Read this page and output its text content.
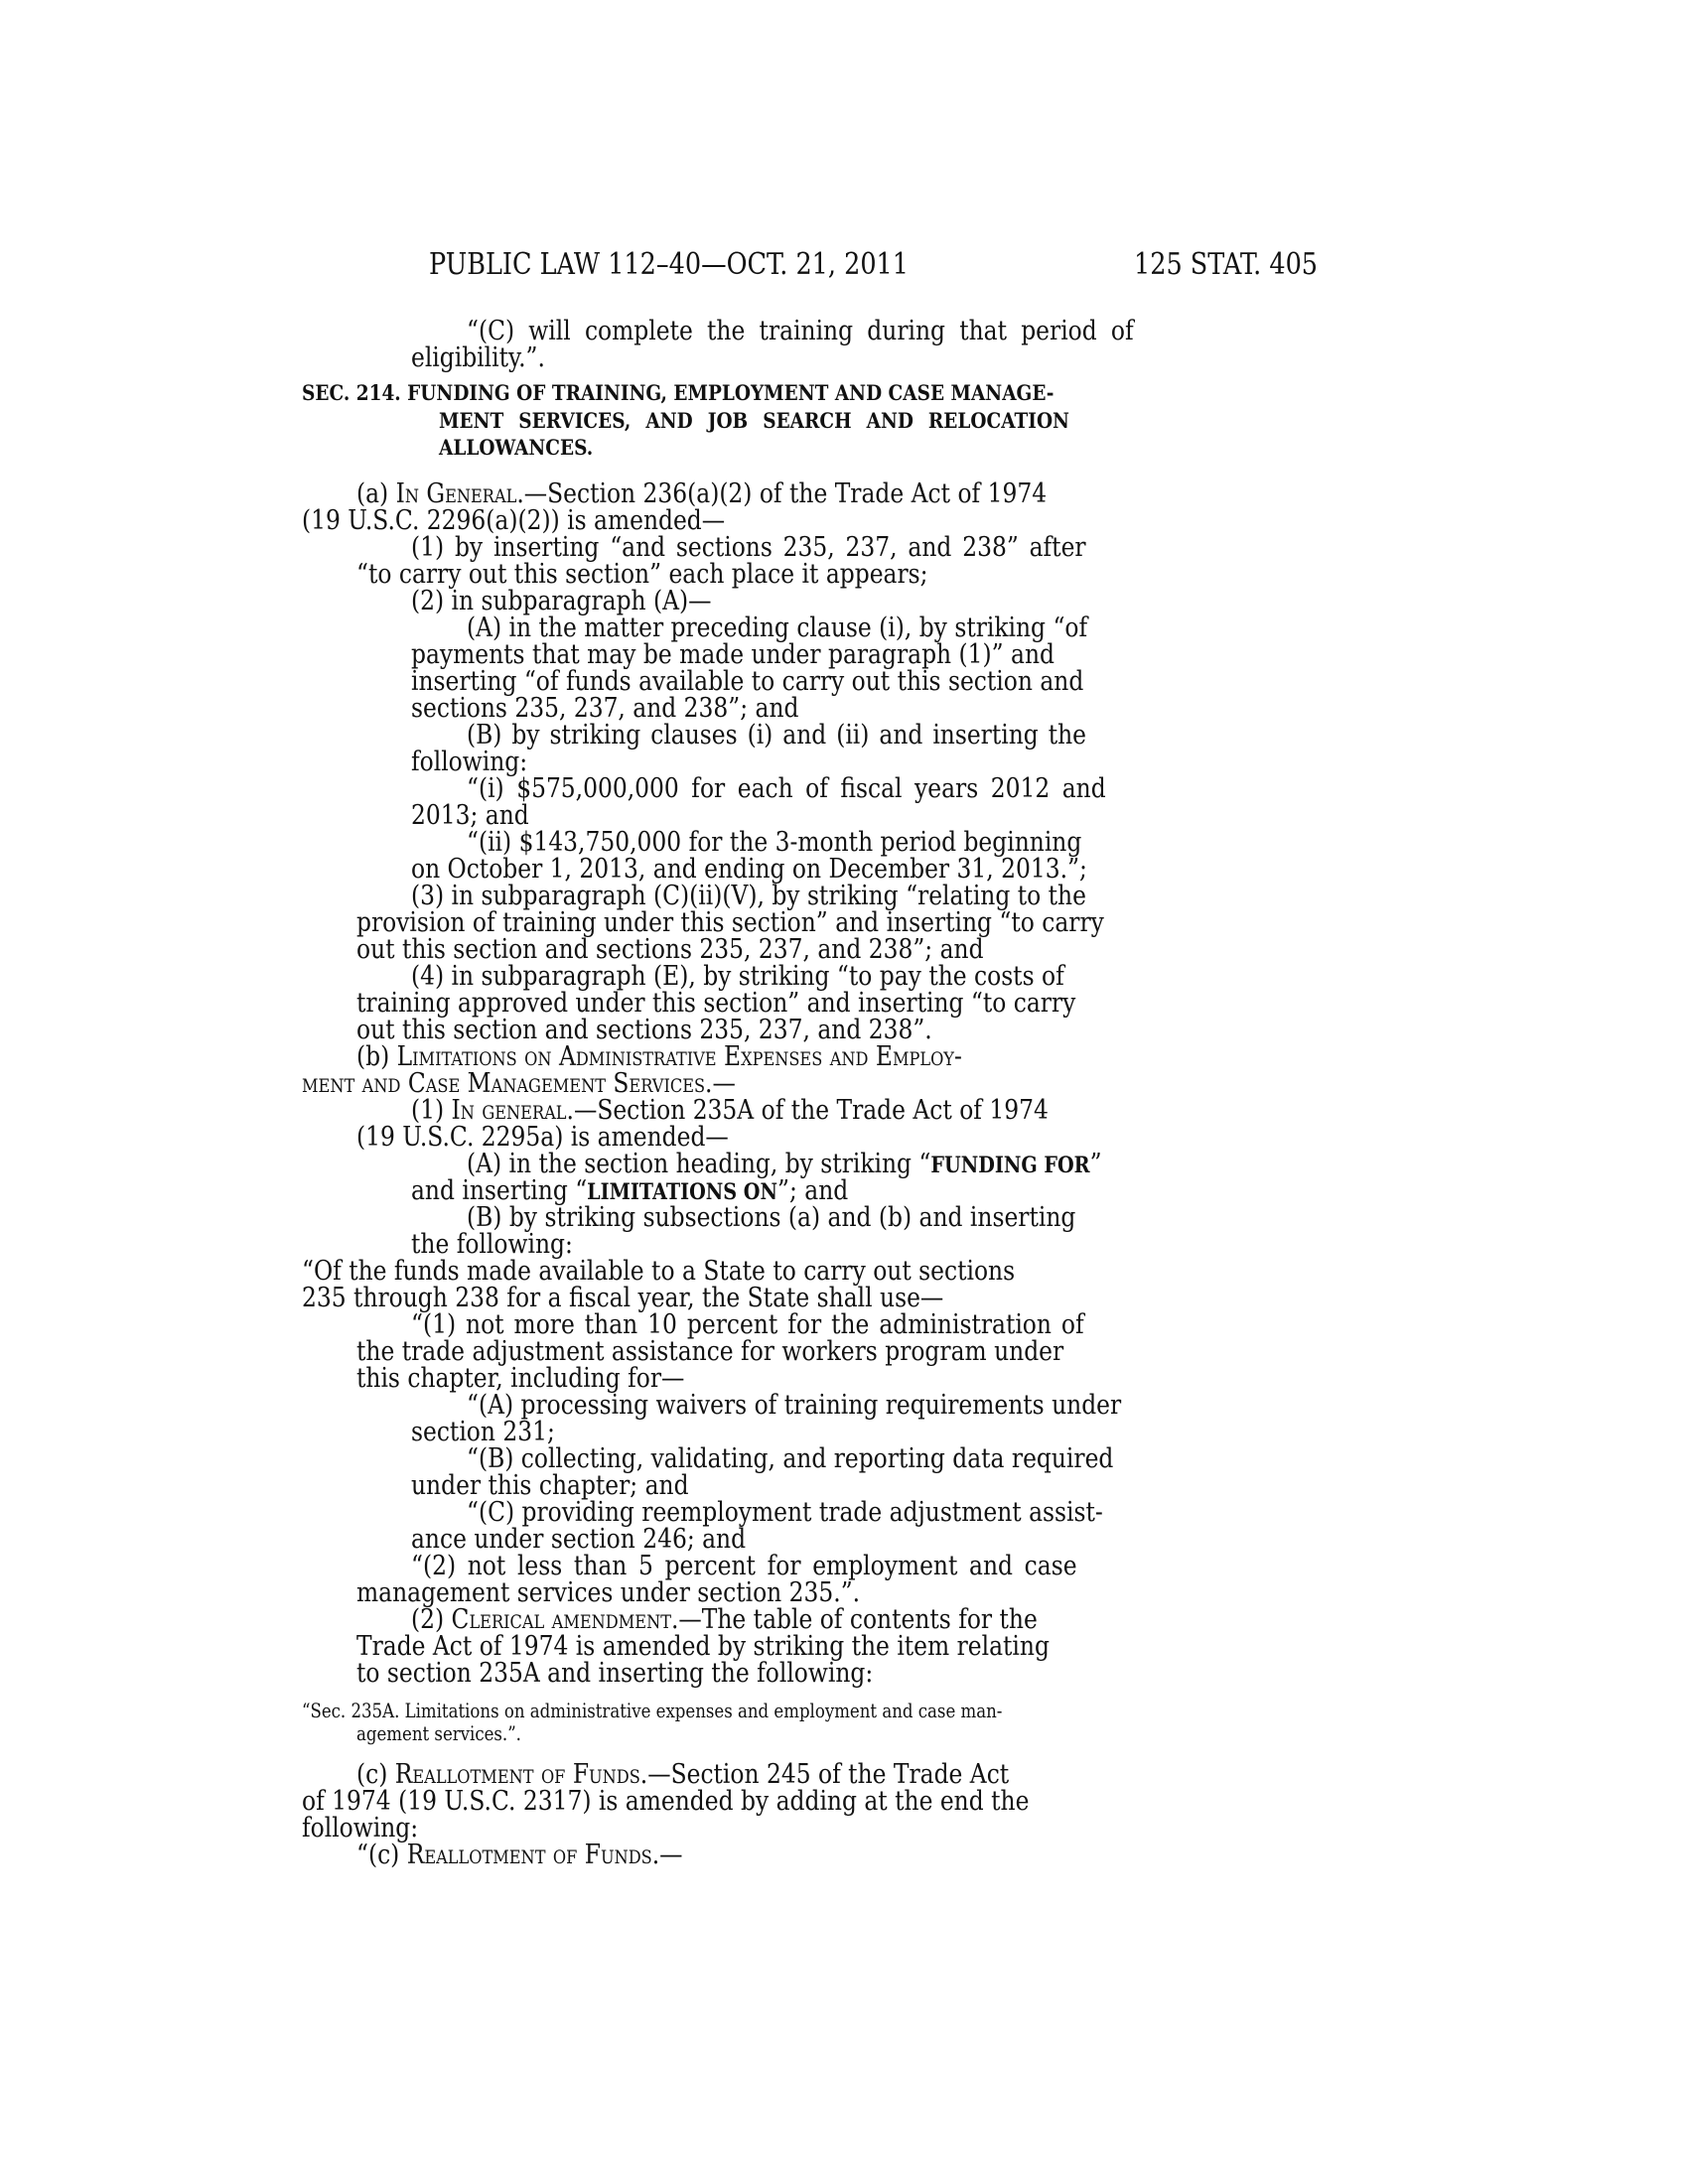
PUBLIC LAW 112–40—OCT. 21, 2011	125 STAT. 405
“(C) will complete the training during that period of
eligibility.”.
SEC. 214. FUNDING OF TRAINING, EMPLOYMENT AND CASE MANAGE-
MENT SERVICES, AND JOB SEARCH AND RELOCATION
ALLOWANCES.
(a) In General.—Section 236(a)(2) of the Trade Act of 1974
(19 U.S.C. 2296(a)(2)) is amended—
(1) by inserting “and sections 235, 237, and 238” after
“to carry out this section” each place it appears;
(2) in subparagraph (A)—
(A) in the matter preceding clause (i), by striking “of
payments that may be made under paragraph (1)” and
inserting “of funds available to carry out this section and
sections 235, 237, and 238”; and
(B) by striking clauses (i) and (ii) and inserting the
following:
“(i) $575,000,000 for each of fiscal years 2012 and
2013; and
“(ii) $143,750,000 for the 3-month period beginning
on October 1, 2013, and ending on December 31, 2013.”;
(3) in subparagraph (C)(ii)(V), by striking “relating to the
provision of training under this section” and inserting “to carry
out this section and sections 235, 237, and 238”; and
(4) in subparagraph (E), by striking “to pay the costs of
training approved under this section” and inserting “to carry
out this section and sections 235, 237, and 238”.
(b) Limitations on Administrative Expenses and Employ-
ment and Case Management Services.—
(1) In general.—Section 235A of the Trade Act of 1974
(19 U.S.C. 2295a) is amended—
(A) in the section heading, by striking “FUNDING FOR”
and inserting “LIMITATIONS ON”; and
(B) by striking subsections (a) and (b) and inserting
the following:
“Of the funds made available to a State to carry out sections
235 through 238 for a fiscal year, the State shall use—
“(1) not more than 10 percent for the administration of
the trade adjustment assistance for workers program under
this chapter, including for—
“(A) processing waivers of training requirements under
section 231;
“(B) collecting, validating, and reporting data required
under this chapter; and
“(C) providing reemployment trade adjustment assist-
ance under section 246; and
“(2) not less than 5 percent for employment and case
management services under section 235.”.
(2) Clerical amendment.—The table of contents for the
Trade Act of 1974 is amended by striking the item relating
to section 235A and inserting the following:
“Sec. 235A. Limitations on administrative expenses and employment and case man-
agement services.”.
(c) Reallotment of Funds.—Section 245 of the Trade Act
of 1974 (19 U.S.C. 2317) is amended by adding at the end the
following:
“(c) Reallotment of Funds.—
